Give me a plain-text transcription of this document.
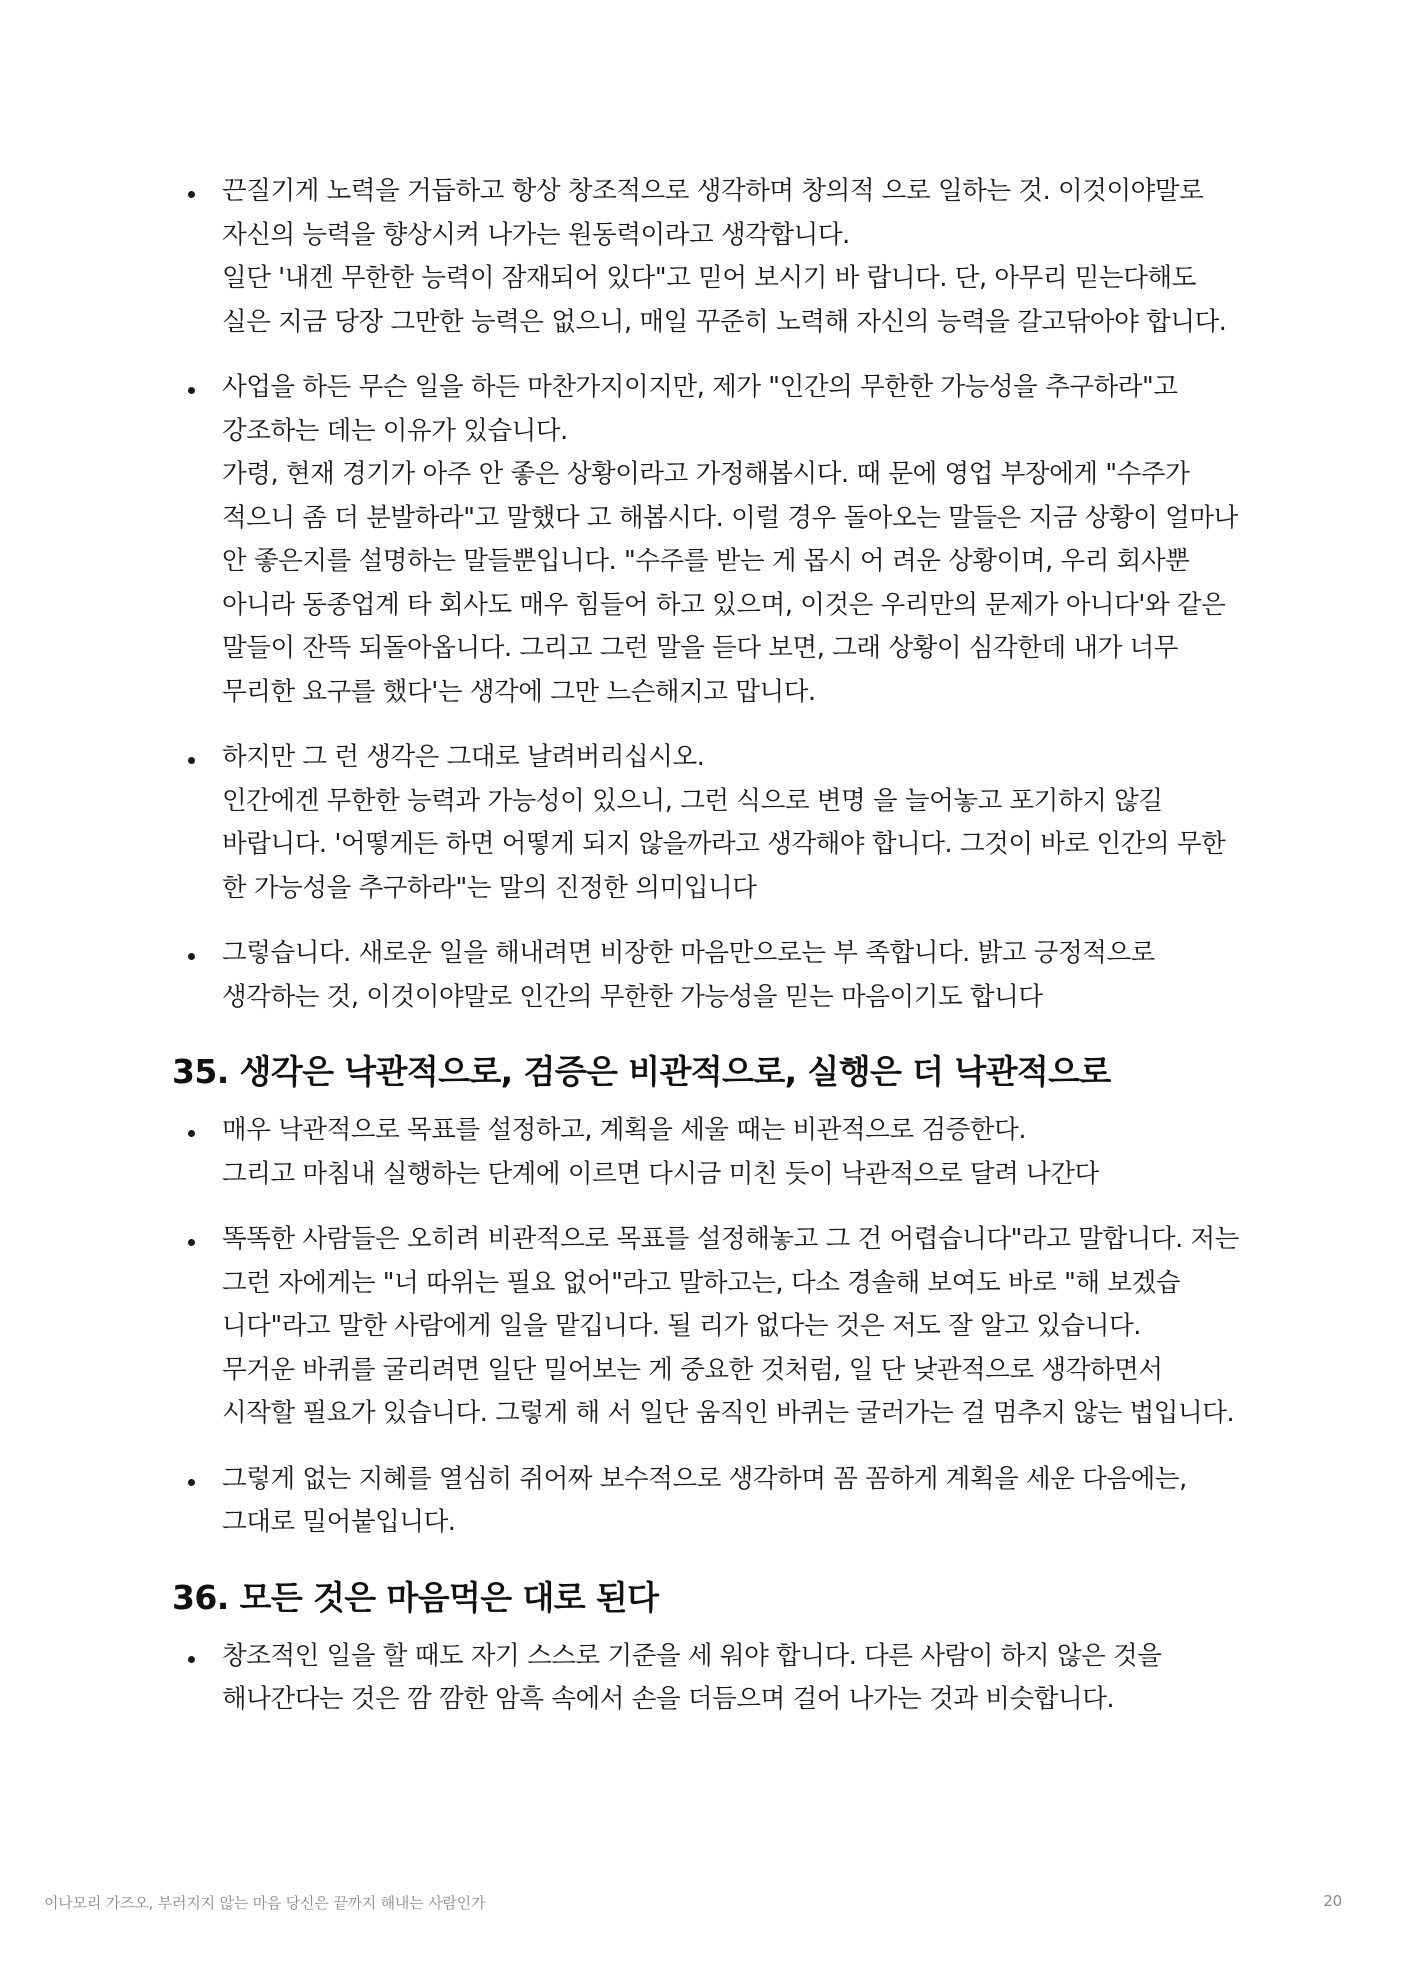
끈질기게 노력을 거듭하고 항상 창조적으로 생각하며 창의적 으로 일하는 것. 이것이야말로 자신의 능력을 향상시켜 나가는 원동력이라고 생각합니다.

일단 '내겐 무한한 능력이 잠재되어 있다"고 믿어 보시기 바 랍니다. 단, 아무리 믿는다해도 실은 지금 당장 그만한 능력은 없으니, 매일 꾸준히 노력해 자신의 능력을 갈고닦아야 합니다.

사업을 하든 무슨 일을 하든 마찬가지이지만, 제가 "인간의 무한한 가능성을 추구하라"고 강조하는 데는 이유가 있습니다.

가령, 현재 경기가 아주 안 좋은 상황이라고 가정해봅시다. 때 문에 영업 부장에게 "수주가 적으니 좀 더 분발하라"고 말했다 고 해봅시다. 이럴 경우 돌아오는 말들은 지금 상황이 얼마나 안 좋은지를 설명하는 말들뿐입니다. "수주를 받는 게 몹시 어 려운 상황이며, 우리 회사뿐 아니라 동종업계 타 회사도 매우 힘들어 하고 있으며, 이것은 우리만의 문제가 아니다'와 같은 말들이 잔뜩 되돌아옵니다. 그리고 그런 말을 듣다 보면, 그래 상황이 심각한데 내가 너무 무리한 요구를 했다'는 생각에 그만 느슨해지고 맙니다.

하지만 그 런 생각은 그대로 날려버리십시오.

인간에겐 무한한 능력과 가능성이 있으니, 그런 식으로 변명 을 늘어놓고 포기하지 않길 바랍니다. '어떻게든 하면 어떻게 되지 않을까라고 생각해야 합니다. 그것이 바로 인간의 무한 한 가능성을 추구하라"는 말의 진정한 의미입니다

그렇습니다. 새로운 일을 해내려면 비장한 마음만으로는 부 족합니다. 밝고 긍정적으로 생각하는 것, 이것이야말로 인간의 무한한 가능성을 믿는 마음이기도 합니다

35. 생각은 낙관적으로, 검증은 비관적으로, 실행은 더 낙관적으로

매우 낙관적으로 목표를 설정하고, 계획을 세울 때는 비관적으로 검증한다.

그리고 마침내 실행하는 단계에 이르면 다시금 미친 듯이 낙관적으로 달려 나간다

똑똑한 사람들은 오히려 비관적으로 목표를 설정해놓고 그 건 어렵습니다"라고 말합니다. 저는 그런 자에게는 "너 따위는 필요 없어"라고 말하고는, 다소 경솔해 보여도 바로 "해 보겠습 니다"라고 말한 사람에게 일을 맡깁니다. 될 리가 없다는 것은 저도 잘 알고 있습니다.

무거운 바퀴를 굴리려면 일단 밀어보는 게 중요한 것처럼, 일 단 낮관적으로 생각하면서 시작할 필요가 있습니다. 그렇게 해 서 일단 움직인 바퀴는 굴러가는 걸 멈추지 않는 법입니다.

그렇게 없는 지혜를 열심히 쥐어짜 보수적으로 생각하며 꼼 꼼하게 계획을 세운 다음에는, 그대로 밀어붙입니다.

36. 모든 것은 마음먹은 대로 된다

창조적인 일을 할 때도 자기 스스로 기준을 세 워야 합니다. 다른 사람이 하지 않은 것을 해나간다는 것은 깜 깜한 암흑 속에서 손을 더듬으며 걸어 나가는 것과 비슷합니다.

이나모리 가즈오, 부러지지 않는 마음 당신은 끝까지 해내는 사람인가	20
